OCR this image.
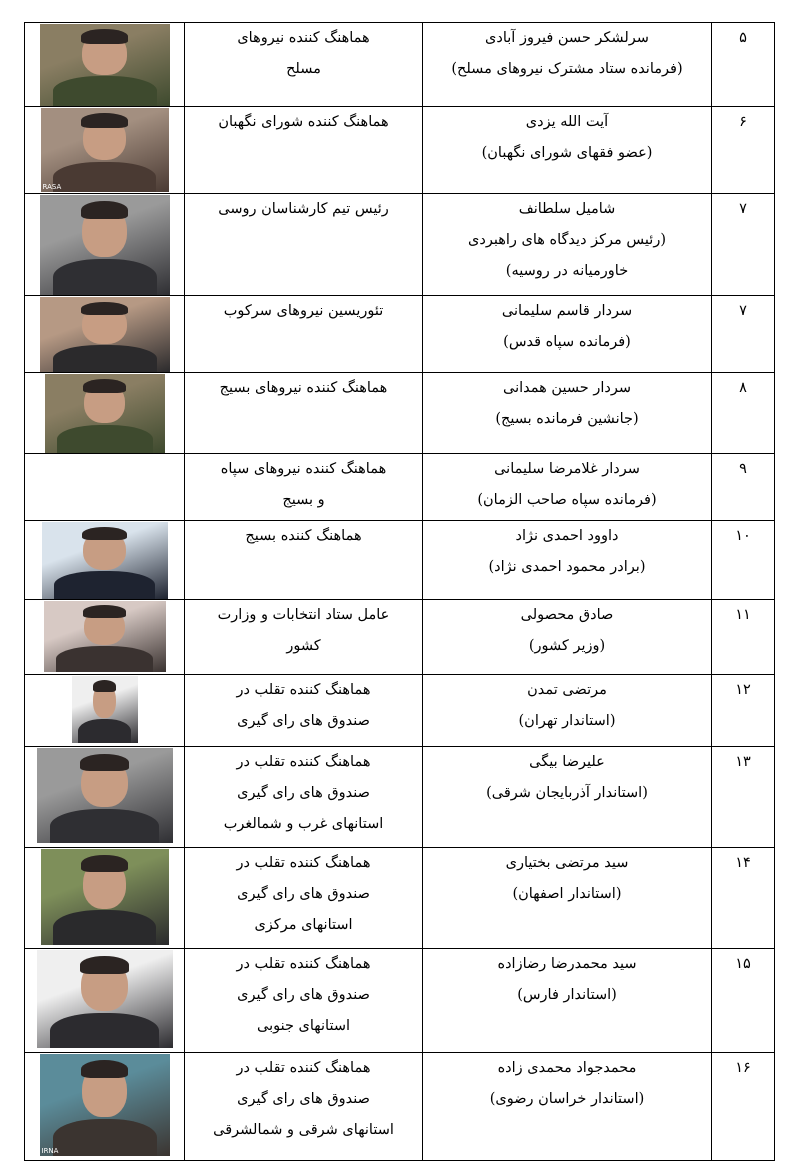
۵	سرلشکر حسن فیروز آبادی
(فرمانده ستاد مشترک نیروهای مسلح)	هماهنگ کننده نیروهای
مسلح	

۶	آیت الله یزدی
(عضو فقهای شورای نگهبان)	هماهنگ کننده شورای نگهبان	RASA

۷	شامیل سلطانف
(رئیس مرکز دیدگاه های راهبردی
خاورمیانه در روسیه)	رئیس تیم کارشناسان روسی	

۷	سردار قاسم سلیمانی
(فرمانده سپاه قدس)	تئوریسین نیروهای سرکوب	

۸	سردار حسین همدانی
(جانشین فرمانده بسیج)	هماهنگ کننده نیروهای بسیج	

۹	سردار غلامرضا سلیمانی
(فرمانده سپاه صاحب الزمان)	هماهنگ کننده نیروهای سپاه
و بسیج	

۱۰	داوود احمدی نژاد
(برادر محمود احمدی نژاد)	هماهنگ کننده بسیج	

۱۱	صادق محصولی
(وزیر کشور)	عامل ستاد انتخابات و وزارت
کشور	

۱۲	مرتضی تمدن
(استاندار تهران)	هماهنگ کننده تقلب در
صندوق های رای گیری	

۱۳	علیرضا بیگی
(استاندار آذربایجان شرقی)	هماهنگ کننده تقلب در
صندوق های رای گیری
استانهای غرب و شمالغرب	

۱۴	سید مرتضی بختیاری
(استاندار اصفهان)	هماهنگ کننده تقلب در
صندوق های رای گیری
استانهای مرکزی	

۱۵	سید محمدرضا رضازاده
(استاندار فارس)	هماهنگ کننده تقلب در
صندوق های رای گیری
استانهای جنوبی	

۱۶	محمدجواد محمدی زاده
(استاندار خراسان رضوی)	هماهنگ کننده تقلب در
صندوق های رای گیری
استانهای شرقی و شمالشرقی	IRNA
